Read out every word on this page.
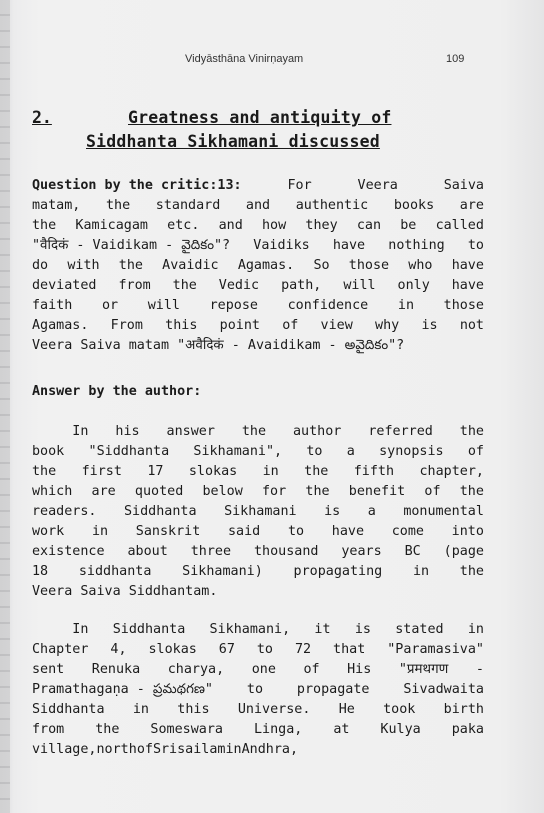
Vidyāsthāna Vinirṇayam	109
2.	Greatness and antiquity of
Siddhanta Sikhamani discussed
Question by the critic:13:	For	Veera	Saiva
matam, the standard and authentic books are
the Kamicagam etc. and how they can be called
"वैदिकं - Vaidikam - వైదికం"? Vaidiks have nothing to
do with the Avaidic Agamas. So those who have
deviated from the Vedic path, will only have
faith or will repose confidence in those
Agamas. From this point of view why is not
Veera Saiva matam "अवैदिकं - Avaidikam - అవైదికం"?
Answer by the author:
In his answer the author referred the
book "Siddhanta Sikhamani", to a synopsis of
the first 17 slokas in the fifth chapter,
which are quoted below for the benefit of the
readers. Siddhanta Sikhamani is a monumental
work in Sanskrit said to have come into
existence about three thousand years BC (page
18 siddhanta Sikhamani) propagating in the
Veera Saiva Siddhantam.
In Siddhanta Sikhamani, it is stated in
Chapter 4, slokas 67 to 72 that "Paramasiva"
sent Renuka charya, one of His "प्रमथगण -
Pramathagaṇa - ప్రమథగణ"	to	propagate	Sivadwaita
Siddhanta in this Universe. He took birth
from the Someswara Linga, at Kulya paka
village, north of Srisailam in Andhra,
